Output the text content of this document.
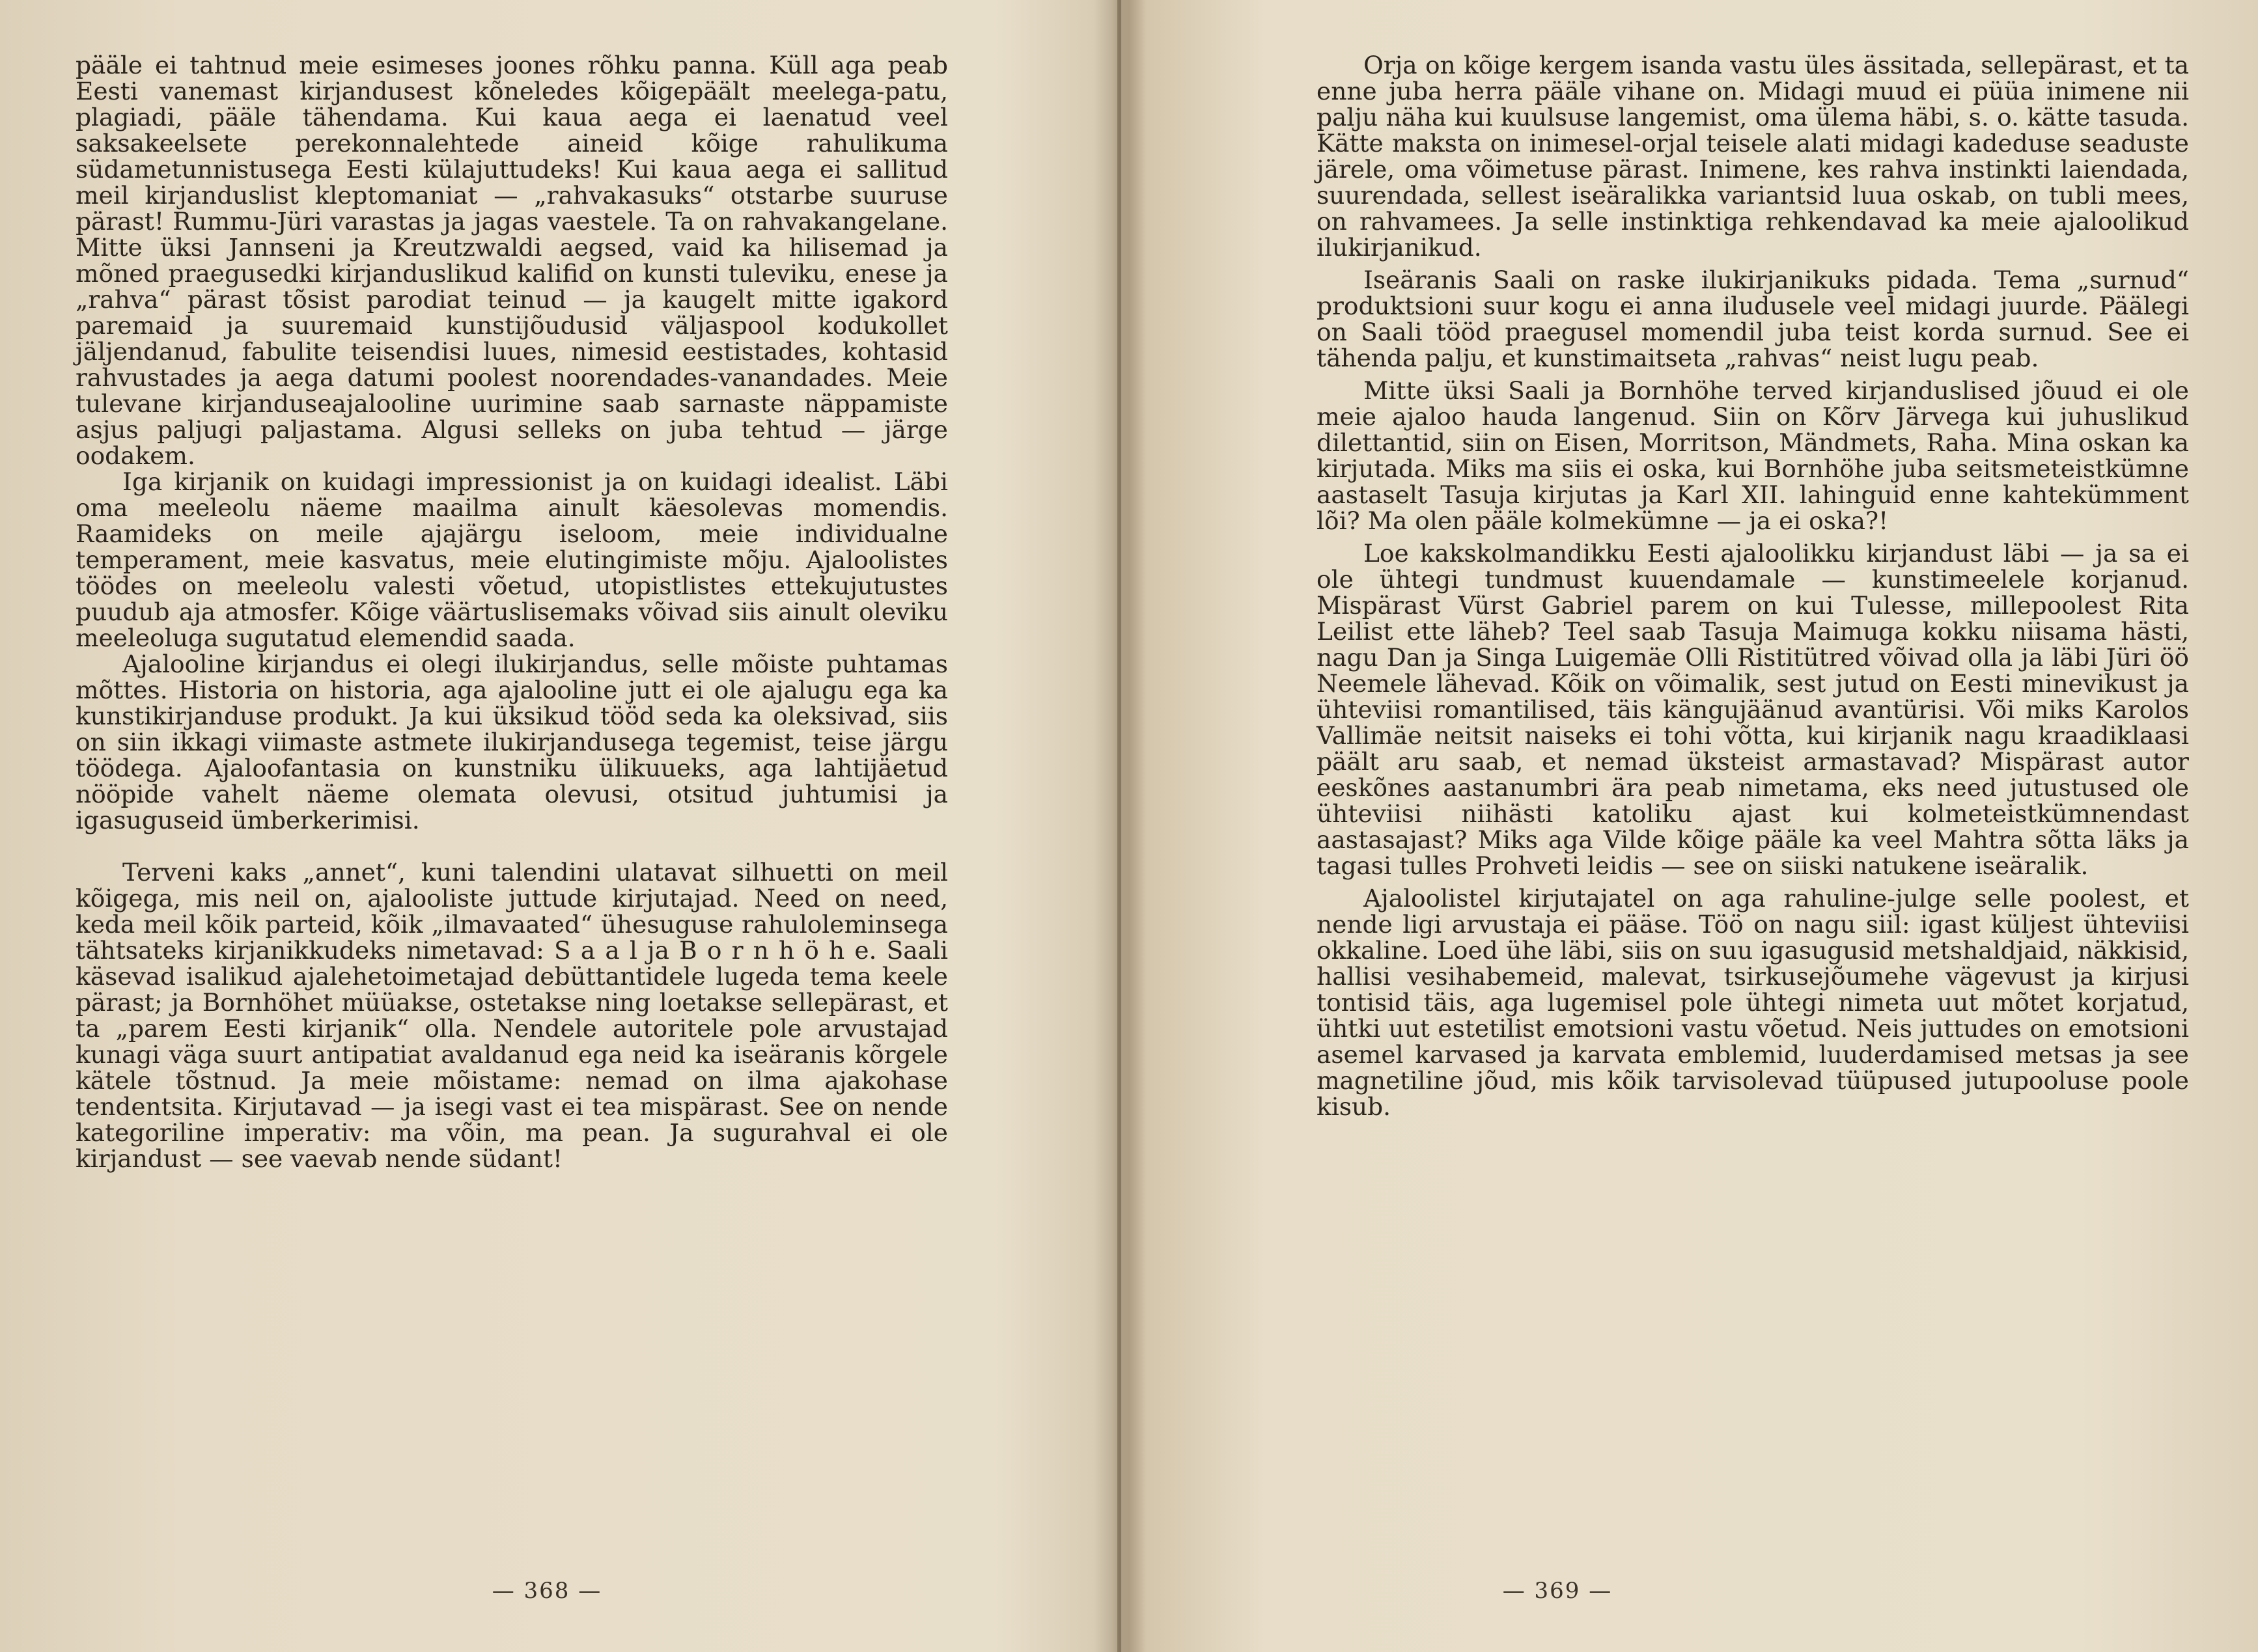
pääle ei tahtnud meie esimeses joones rõhku panna. Küll aga peab Eesti vanemast kirjandusest kõneledes kõigepäält meelega-patu, plagiadi, pääle tähendama. Kui kaua aega ei laenatud veel saksakeelsete perekonnalehtede aineid kõige rahulikuma südametunnistusega Eesti külajuttudeks! Kui kaua aega ei sallitud meil kirjanduslist kleptomaniat — „rahvakasuks“ otstarbe suuruse pärast! Rummu-Jüri varastas ja jagas vaestele. Ta on rahvakangelane. Mitte üksi Jannseni ja Kreutzwaldi aegsed, vaid ka hilisemad ja mõned praegusedki kirjanduslikud kalifid on kunsti tuleviku, enese ja „rahva“ pärast tõsist parodiat teinud — ja kaugelt mitte igakord paremaid ja suuremaid kunstijõudusid väljaspool kodukollet jäljendanud, fabulite teisendisi luues, nimesid eestistades, kohtasid rahvustades ja aega datumi poolest noorendades-vanandades. Meie tulevane kirjanduseajalooline uurimine saab sarnaste näppamiste asjus paljugi paljastama. Algusi selleks on juba tehtud — järge oodakem.

Iga kirjanik on kuidagi impressionist ja on kuidagi idealist. Läbi oma meeleolu näeme maailma ainult käesolevas momendis. Raamideks on meile ajajärgu iseloom, meie individualne temperament, meie kasvatus, meie elutingimiste mõju. Ajaloolistes töödes on meeleolu valesti võetud, utopistlistes ettekujutustes puudub aja atmosfer. Kõige väärtuslisemaks võivad siis ainult oleviku meeleoluga sugutatud elemendid saada.

Ajalooline kirjandus ei olegi ilukirjandus, selle mõiste puhtamas mõttes. Historia on historia, aga ajalooline jutt ei ole ajalugu ega ka kunstikirjanduse produkt. Ja kui üksikud tööd seda ka oleksivad, siis on siin ikkagi viimaste astmete ilukirjandusega tegemist, teise järgu töödega. Ajaloofantasia on kunstniku ülikuueks, aga lahtijäetud nööpide vahelt näeme olemata olevusi, otsitud juhtumisi ja igasuguseid ümberkerimisi.

Terveni kaks „annet“, kuni talendini ulatavat silhuetti on meil kõigega, mis neil on, ajalooliste juttude kirjutajad. Need on need, keda meil kõik parteid, kõik „ilmavaated“ ühesuguse rahuloleminsega tähtsateks kirjanikkudeks nimetavad: S a a l ja B o r n h ö h e. Saali käsevad isalikud ajalehetoimetajad debüttantidele lugeda tema keele pärast; ja Bornhöhet müüakse, ostetakse ning loetakse sellepärast, et ta „parem Eesti kirjanik“ olla. Nendele autoritele pole arvustajad kunagi väga suurt antipatiat avaldanud ega neid ka iseäranis kõrgele kätele tõstnud. Ja meie mõistame: nemad on ilma ajakohase tendentsita. Kirjutavad — ja isegi vast ei tea mispärast. See on nende kategoriline imperativ: ma võin, ma pean. Ja sugurahval ei ole kirjandust — see vaevab nende südant!

— 368 —

Orja on kõige kergem isanda vastu üles ässitada, sellepärast, et ta enne juba herra pääle vihane on. Midagi muud ei püüa inimene nii palju näha kui kuulsuse langemist, oma ülema häbi, s. o. kätte tasuda. Kätte maksta on inimesel-orjal teisele alati midagi kadeduse seaduste järele, oma võimetuse pärast. Inimene, kes rahva instinkti laiendada, suurendada, sellest iseäralikka variantsid luua oskab, on tubli mees, on rahvamees. Ja selle instinktiga rehkendavad ka meie ajaloolikud ilukirjanikud.

Iseäranis Saali on raske ilukirjanikuks pidada. Tema „surnud“ produktsioni suur kogu ei anna iludusele veel midagi juurde. Päälegi on Saali tööd praegusel momendil juba teist korda surnud. See ei tähenda palju, et kunstimaitseta „rahvas“ neist lugu peab.

Mitte üksi Saali ja Bornhöhe terved kirjanduslised jõuud ei ole meie ajaloo hauda langenud. Siin on Kõrv Järvega kui juhuslikud dilettantid, siin on Eisen, Morritson, Mändmets, Raha. Mina oskan ka kirjutada. Miks ma siis ei oska, kui Bornhöhe juba seitsmeteistkümne aastaselt Tasuja kirjutas ja Karl XII. lahinguid enne kahtekümment lõi? Ma olen pääle kolmekümne — ja ei oska?!

Loe kakskolmandikku Eesti ajaloolikku kirjandust läbi — ja sa ei ole ühtegi tundmust kuuendamale — kunstimeelele korjanud. Mispärast Vürst Gabriel parem on kui Tulesse, millepoolest Rita Leilist ette läheb? Teel saab Tasuja Maimuga kokku niisama hästi, nagu Dan ja Singa Luigemäe Olli Ristitütred võivad olla ja läbi Jüri öö Neemele lähevad. Kõik on võimalik, sest jutud on Eesti minevikust ja ühteviisi romantilised, täis kängujäänud avantürisi. Või miks Karolos Vallimäe neitsit naiseks ei tohi võtta, kui kirjanik nagu kraadiklaasi päält aru saab, et nemad üksteist armastavad? Mispärast autor eeskõnes aastanumbri ära peab nimetama, eks need jutustused ole ühteviisi niihästi katoliku ajast kui kolmeteistkümnendast aastasajast? Miks aga Vilde kõige pääle ka veel Mahtra sõtta läks ja tagasi tulles Prohveti leidis — see on siiski natukene iseäralik.

Ajaloolistel kirjutajatel on aga rahuline-julge selle poolest, et nende ligi arvustaja ei pääse. Töö on nagu siil: igast küljest ühteviisi okkaline. Loed ühe läbi, siis on suu igasugusid metshaldjaid, näkkisid, hallisi vesihabemeid, malevat, tsirkusejõumehe vägevust ja kirjusi tontisid täis, aga lugemisel pole ühtegi nimeta uut mõtet korjatud, ühtki uut estetilist emotsioni vastu võetud. Neis juttudes on emotsioni asemel karvased ja karvata emblemid, luuderdamised metsas ja see magnetiline jõud, mis kõik tarvisolevad tüüpused jutupooluse poole kisub.

— 369 —
